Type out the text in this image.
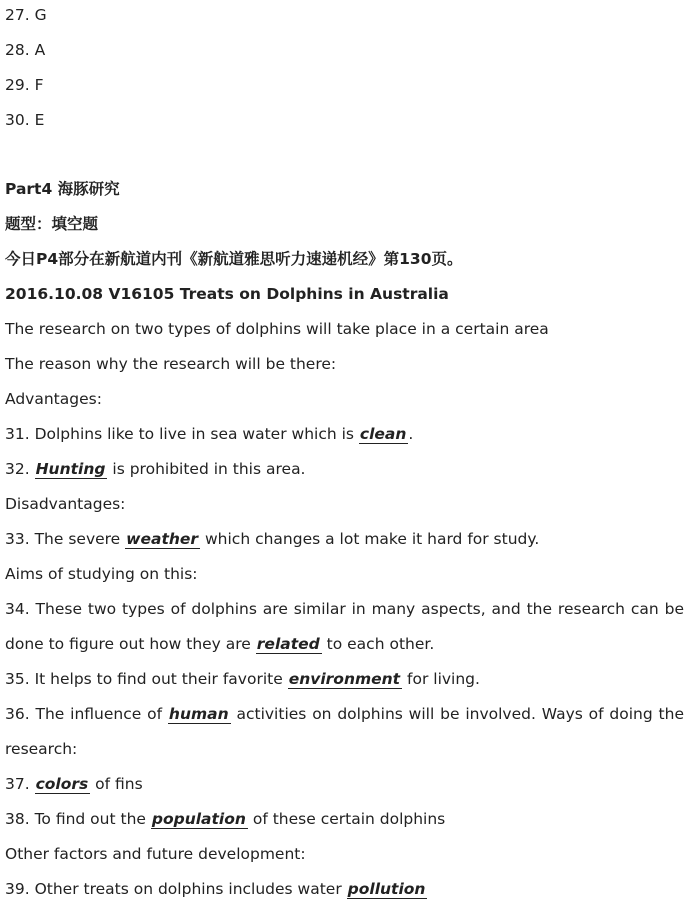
27. G
28. A
29. F
30. E
Part4 海豚研究
题型：填空题
今日P4部分在新航道内刊《新航道雅思听力速递机经》第130页。
2016.10.08 V16105 Treats on Dolphins in Australia
The research on two types of dolphins will take place in a certain area
The reason why the research will be there:
Advantages:
31. Dolphins like to live in sea water which is clean .
32. Hunting is prohibited in this area.
Disadvantages:
33. The severe weather which changes a lot make it hard for study.
Aims of studying on this:
34. These two types of dolphins are similar in many aspects, and the research can be
done to figure out how they are related to each other.
35. It helps to find out their favorite environment for living.
36. The influence of human activities on dolphins will be involved. Ways of doing the
research:
37. colors of fins
38. To find out the population of these certain dolphins
Other factors and future development:
39. Other treats on dolphins includes water pollution
